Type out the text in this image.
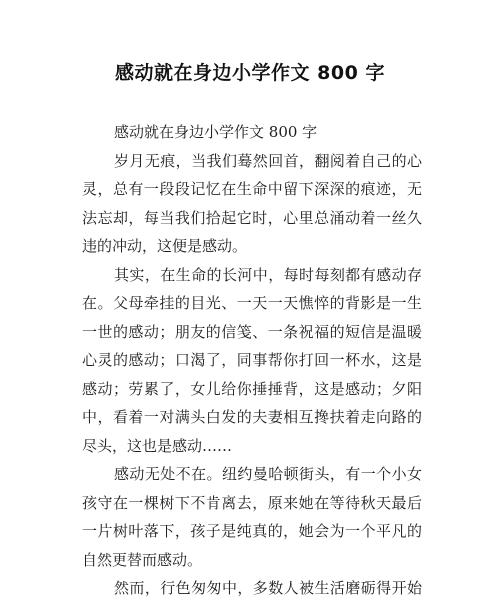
感动就在身边小学作文 800 字
感动就在身边小学作文 800 字
岁月无痕，当我们蓦然回首，翻阅着自己的心
灵，总有一段段记忆在生命中留下深深的痕迹，无
法忘却，每当我们拾起它时，心里总涌动着一丝久
违的冲动，这便是感动。
其实，在生命的长河中，每时每刻都有感动存
在。父母牵挂的目光、一天一天憔悴的背影是一生
一世的感动；朋友的信笺、一条祝福的短信是温暖
心灵的感动；口渴了，同事帮你打回一杯水，这是
感动；劳累了，女儿给你捶捶背，这是感动；夕阳
中，看着一对满头白发的夫妻相互搀扶着走向路的
尽头，这也是感动……
感动无处不在。纽约曼哈顿街头，有一个小女
孩守在一棵树下不肯离去，原来她在等待秋天最后
一片树叶落下，孩子是纯真的，她会为一个平凡的
自然更替而感动。
然而，行色匆匆中，多数人被生活磨砺得开始
